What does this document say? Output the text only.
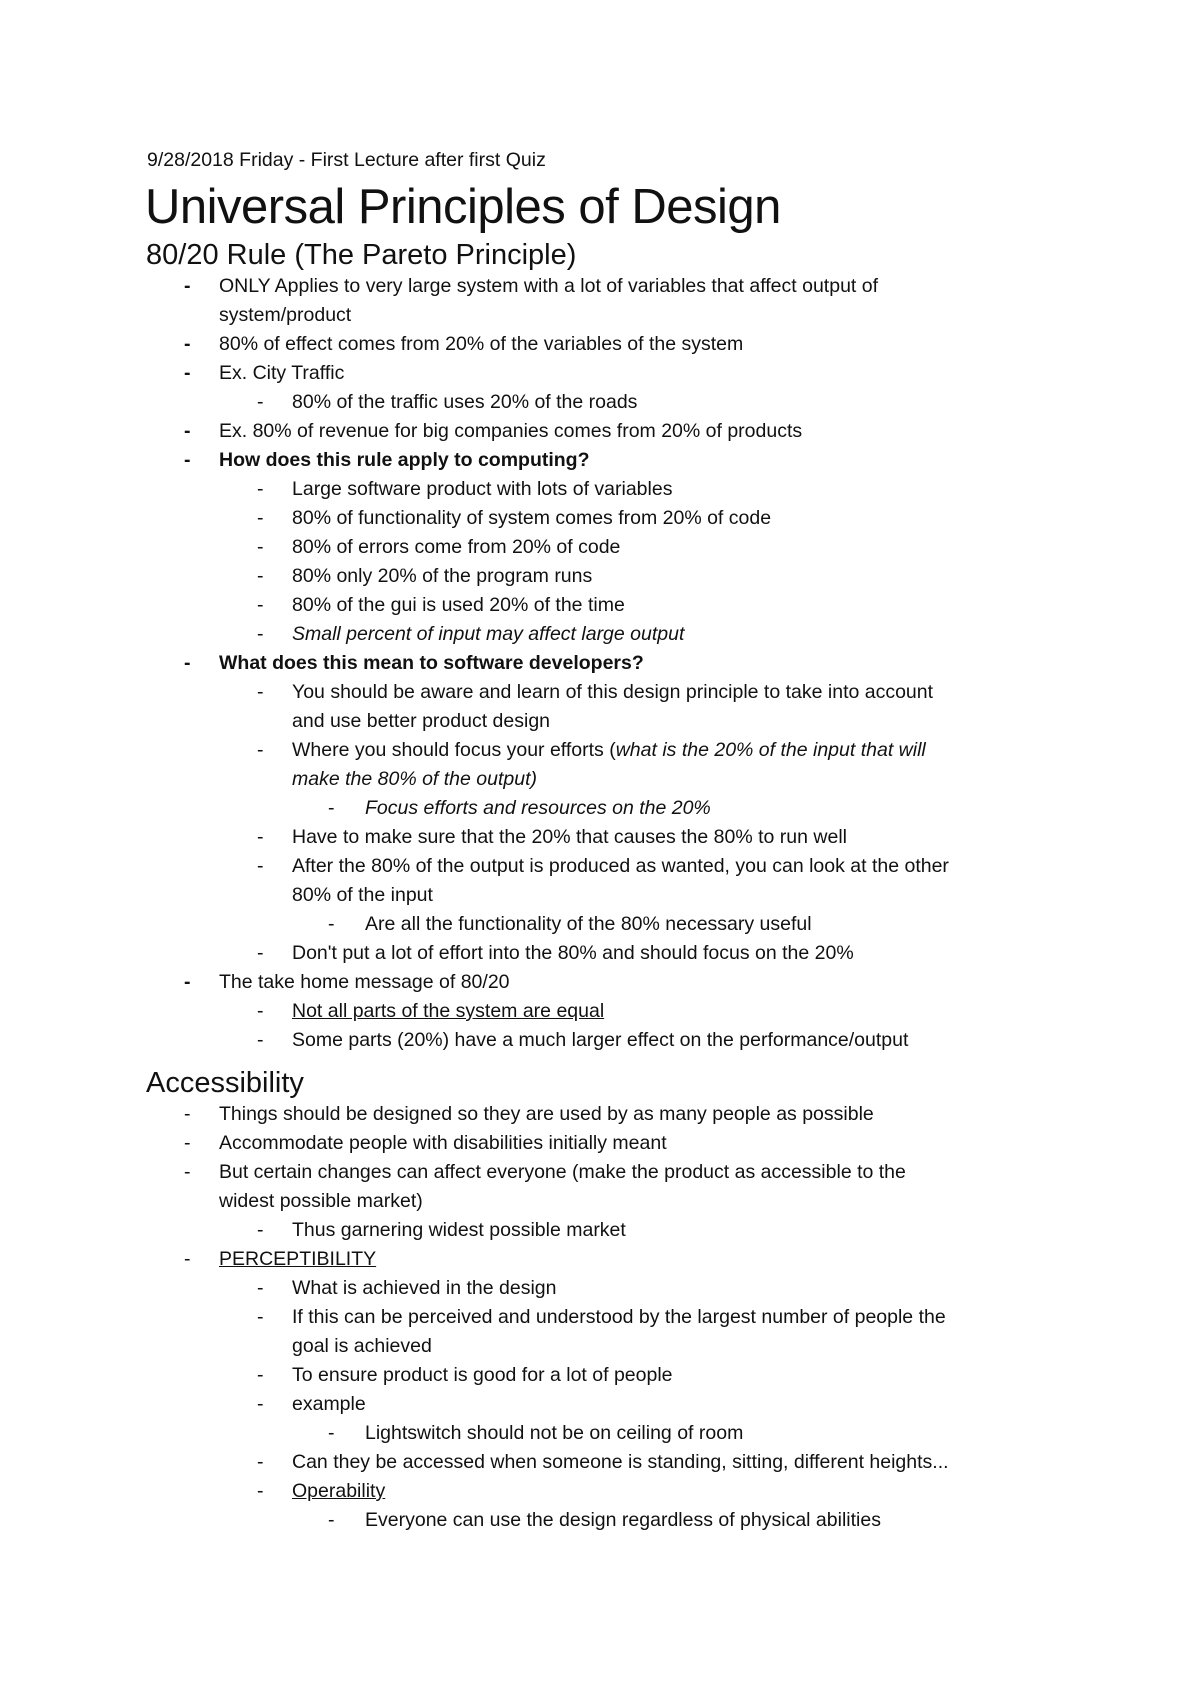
9/28/2018 Friday - First Lecture after first Quiz
Universal Principles of Design
80/20 Rule (The Pareto Principle)
- ONLY Applies to very large system with a lot of variables that affect output of
system/product
- 80% of effect comes from 20% of the variables of the system
- Ex. City Traffic
- 80% of the traffic uses 20% of the roads
- Ex. 80% of revenue for big companies comes from 20% of products
- How does this rule apply to computing?
- Large software product with lots of variables
- 80% of functionality of system comes from 20% of code
- 80% of errors come from 20% of code
- 80% only 20% of the program runs
- 80% of the gui is used 20% of the time
- Small percent of input may affect large output
- What does this mean to software developers?
- You should be aware and learn of this design principle to take into account
and use better product design
- Where you should focus your efforts (what is the 20% of the input that will
make the 80% of the output)
- Focus efforts and resources on the 20%
- Have to make sure that the 20% that causes the 80% to run well
- After the 80% of the output is produced as wanted, you can look at the other
80% of the input
- Are all the functionality of the 80% necessary useful
- Don't put a lot of effort into the 80% and should focus on the 20%
- The take home message of 80/20
- Not all parts of the system are equal
- Some parts (20%) have a much larger effect on the performance/output
Accessibility
- Things should be designed so they are used by as many people as possible
- Accommodate people with disabilities initially meant
- But certain changes can affect everyone (make the product as accessible to the
widest possible market)
- Thus garnering widest possible market
- PERCEPTIBILITY
- What is achieved in the design
- If this can be perceived and understood by the largest number of people the
goal is achieved
- To ensure product is good for a lot of people
- example
- Lightswitch should not be on ceiling of room
- Can they be accessed when someone is standing, sitting, different heights...
- Operability
- Everyone can use the design regardless of physical abilities
